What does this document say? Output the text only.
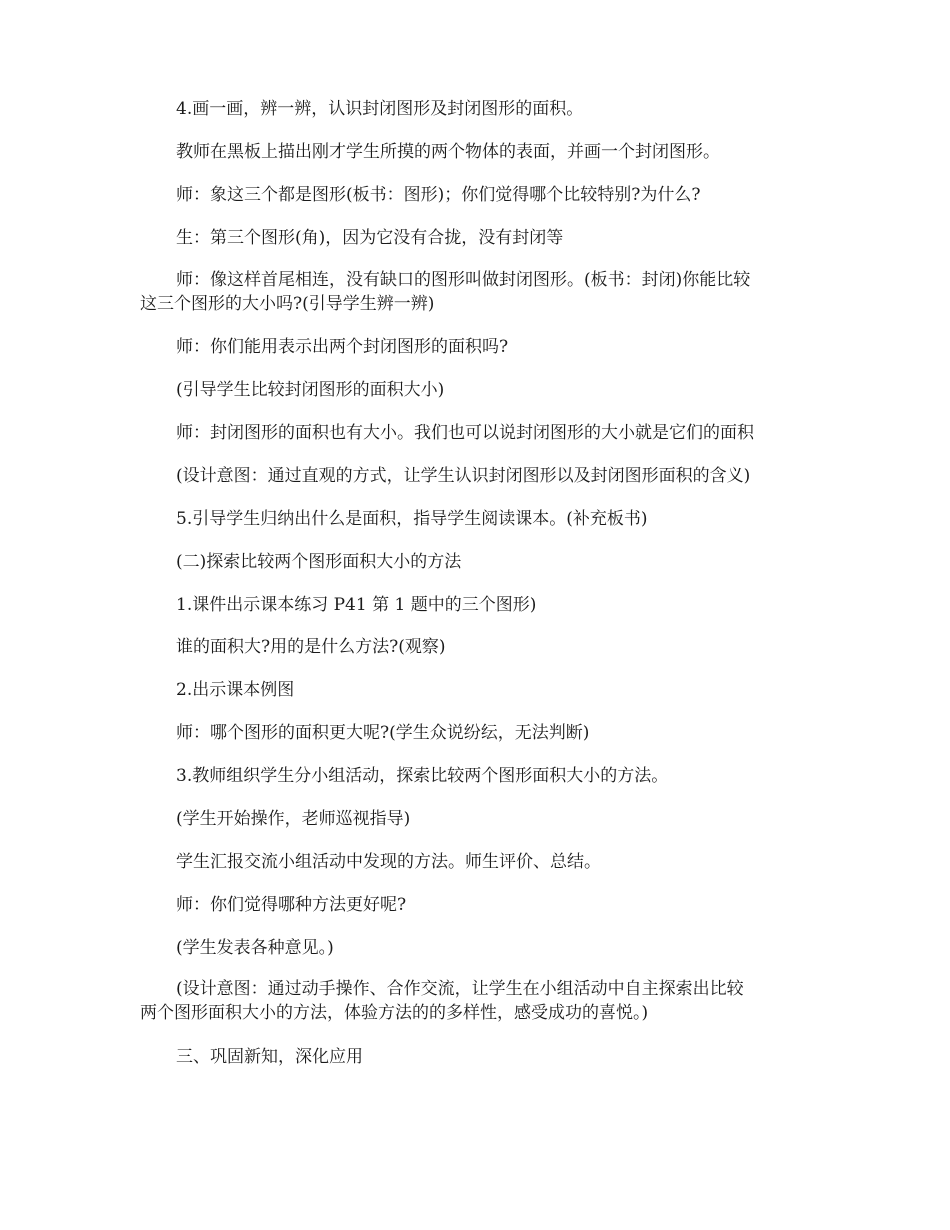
4.画一画，辨一辨，认识封闭图形及封闭图形的面积。
教师在黑板上描出刚才学生所摸的两个物体的表面，并画一个封闭图形。
师：象这三个都是图形(板书：图形)；你们觉得哪个比较特别?为什么?
生：第三个图形(角)，因为它没有合拢，没有封闭等
师：像这样首尾相连，没有缺口的图形叫做封闭图形。(板书：封闭)你能比较
这三个图形的大小吗?(引导学生辨一辨)
师：你们能用表示出两个封闭图形的面积吗?
(引导学生比较封闭图形的面积大小)
师：封闭图形的面积也有大小。我们也可以说封闭图形的大小就是它们的面积
(设计意图：通过直观的方式，让学生认识封闭图形以及封闭图形面积的含义)
5.引导学生归纳出什么是面积，指导学生阅读课本。(补充板书)
(二)探索比较两个图形面积大小的方法
1.课件出示课本练习 P41 第 1 题中的三个图形)
谁的面积大?用的是什么方法?(观察)
2.出示课本例图
师：哪个图形的面积更大呢?(学生众说纷纭，无法判断)
3.教师组织学生分小组活动，探索比较两个图形面积大小的方法。
(学生开始操作，老师巡视指导)
学生汇报交流小组活动中发现的方法。师生评价、总结。
师：你们觉得哪种方法更好呢?
(学生发表各种意见。)
(设计意图：通过动手操作、合作交流，让学生在小组活动中自主探索出比较
两个图形面积大小的方法，体验方法的的多样性，感受成功的喜悦。)
三、巩固新知，深化应用
